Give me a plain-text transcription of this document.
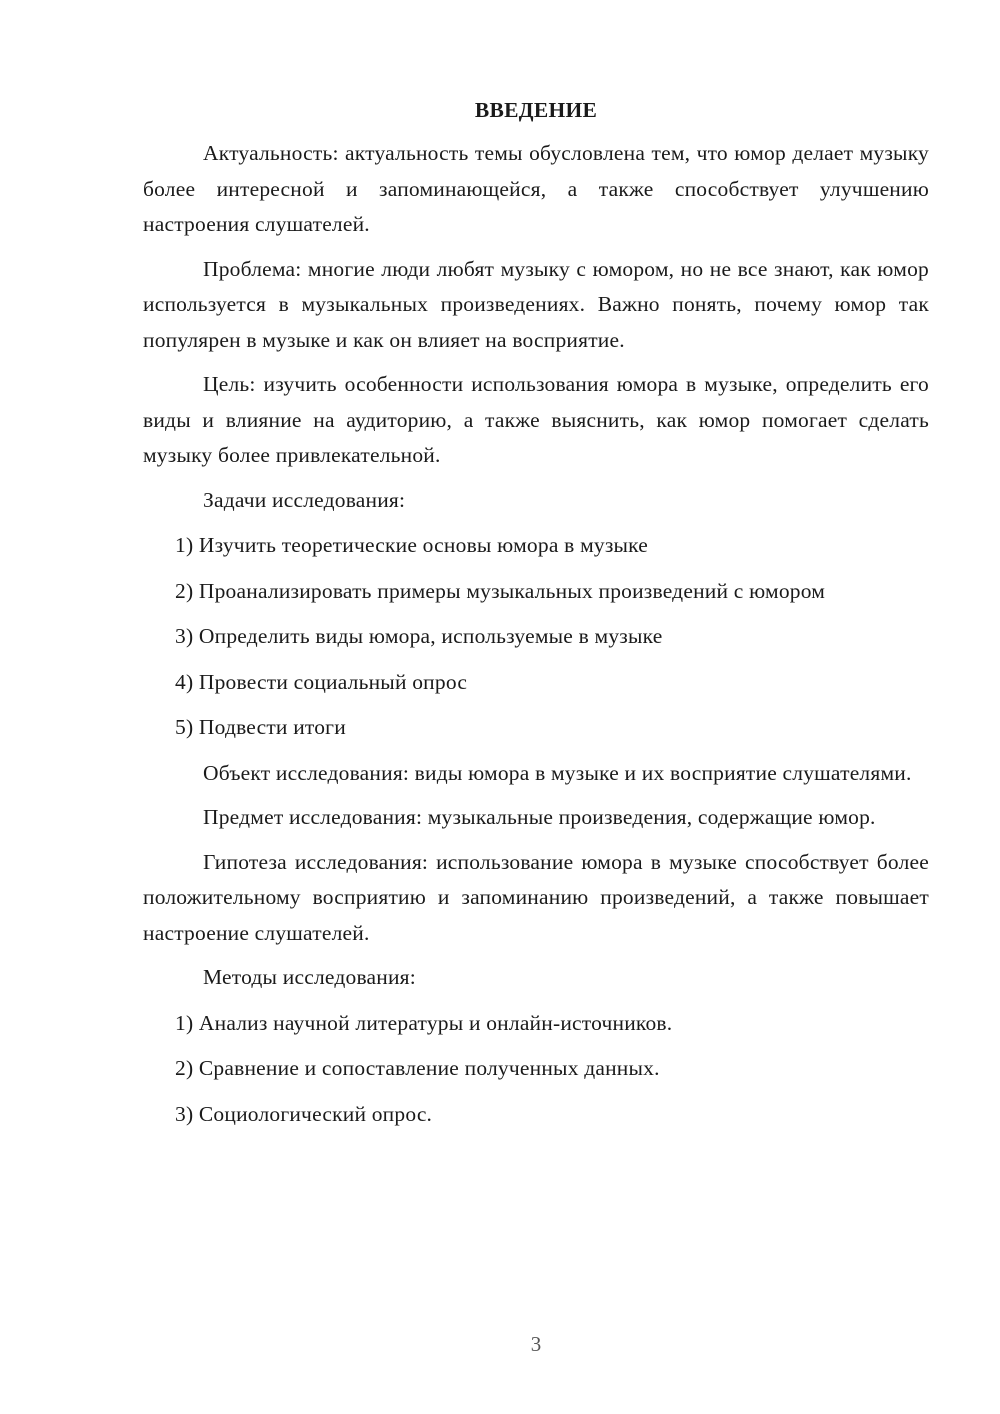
ВВЕДЕНИЕ

Актуальность: актуальность темы обусловлена тем, что юмор делает музыку более интересной и запоминающейся, а также способствует улучшению настроения слушателей.

Проблема: многие люди любят музыку с юмором, но не все знают, как юмор используется в музыкальных произведениях. Важно понять, почему юмор так популярен в музыке и как он влияет на восприятие.

Цель: изучить особенности использования юмора в музыке, определить его виды и влияние на аудиторию, а также выяснить, как юмор помогает сделать музыку более привлекательной.

Задачи исследования:
1) Изучить теоретические основы юмора в музыке
2) Проанализировать примеры музыкальных произведений с юмором
3) Определить виды юмора, используемые в музыке
4) Провести социальный опрос
5) Подвести итоги

Объект исследования: виды юмора в музыке и их восприятие слушателями.

Предмет исследования: музыкальные произведения, содержащие юмор.

Гипотеза исследования: использование юмора в музыке способствует более положительному восприятию и запоминанию произведений, а также повышает настроение слушателей.

Методы исследования:
1) Анализ научной литературы и онлайн-источников.
2) Сравнение и сопоставление полученных данных.
3) Социологический опрос.
3
